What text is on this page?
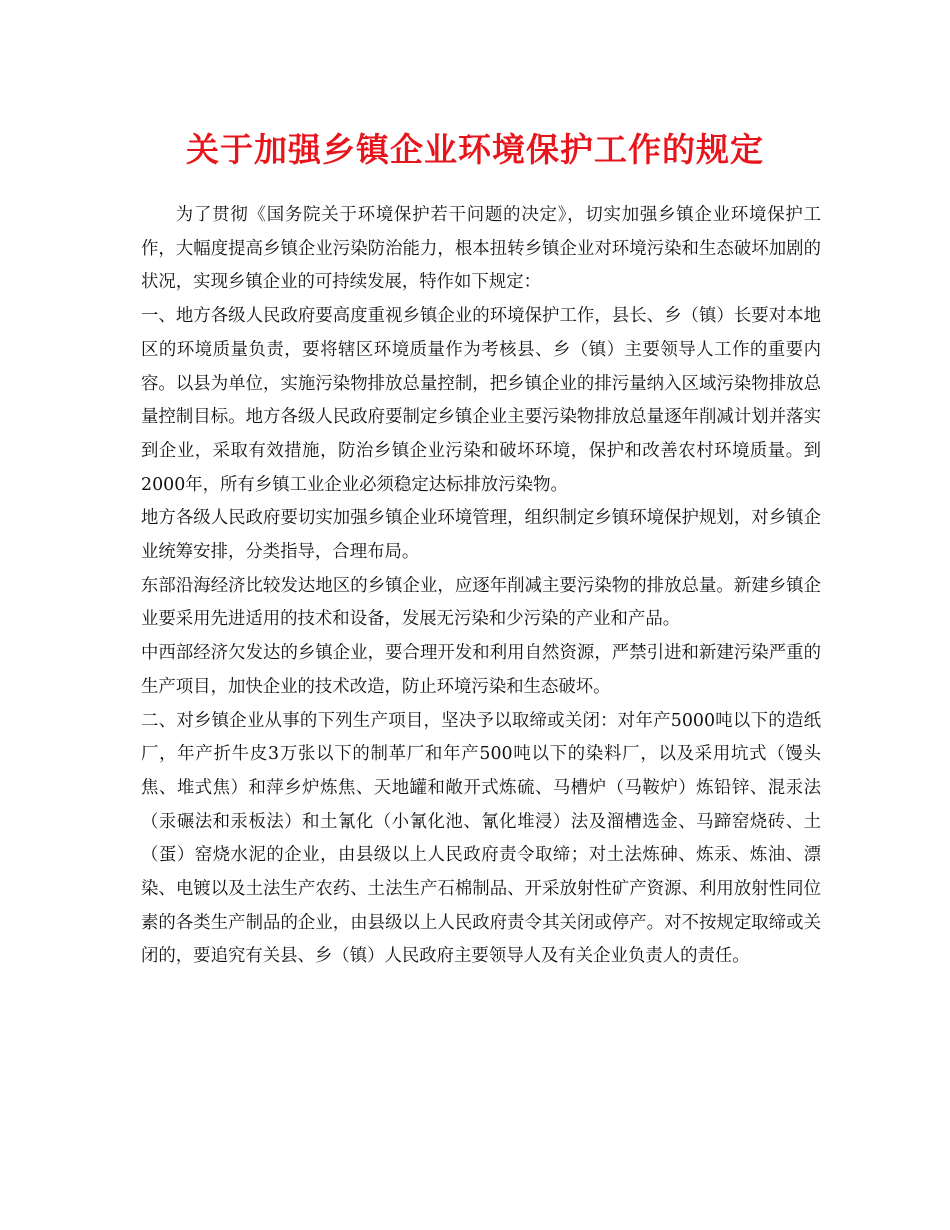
关于加强乡镇企业环境保护工作的规定

为了贯彻《国务院关于环境保护若干问题的决定》，切实加强乡镇企业环境保护工作，大幅度提高乡镇企业污染防治能力，根本扭转乡镇企业对环境污染和生态破坏加剧的状况，实现乡镇企业的可持续发展，特作如下规定：

一、地方各级人民政府要高度重视乡镇企业的环境保护工作，县长、乡（镇）长要对本地区的环境质量负责，要将辖区环境质量作为考核县、乡（镇）主要领导人工作的重要内容。以县为单位，实施污染物排放总量控制，把乡镇企业的排污量纳入区域污染物排放总量控制目标。地方各级人民政府要制定乡镇企业主要污染物排放总量逐年削减计划并落实到企业，采取有效措施，防治乡镇企业污染和破坏环境，保护和改善农村环境质量。到2000年，所有乡镇工业企业必须稳定达标排放污染物。

地方各级人民政府要切实加强乡镇企业环境管理，组织制定乡镇环境保护规划，对乡镇企业统筹安排，分类指导，合理布局。

东部沿海经济比较发达地区的乡镇企业，应逐年削减主要污染物的排放总量。新建乡镇企业要采用先进适用的技术和设备，发展无污染和少污染的产业和产品。

中西部经济欠发达的乡镇企业，要合理开发和利用自然资源，严禁引进和新建污染严重的生产项目，加快企业的技术改造，防止环境污染和生态破坏。

二、对乡镇企业从事的下列生产项目，坚决予以取缔或关闭：对年产5000吨以下的造纸厂，年产折牛皮3万张以下的制革厂和年产500吨以下的染料厂，以及采用坑式（馒头焦、堆式焦）和萍乡炉炼焦、天地罐和敞开式炼硫、马槽炉（马鞍炉）炼铅锌、混汞法（汞碾法和汞板法）和土氰化（小氰化池、氰化堆浸）法及溜槽选金、马蹄窑烧砖、土（蛋）窑烧水泥的企业，由县级以上人民政府责令取缔；对土法炼砷、炼汞、炼油、漂染、电镀以及土法生产农药、土法生产石棉制品、开采放射性矿产资源、利用放射性同位素的各类生产制品的企业，由县级以上人民政府责令其关闭或停产。对不按规定取缔或关闭的，要追究有关县、乡（镇）人民政府主要领导人及有关企业负责人的责任。
